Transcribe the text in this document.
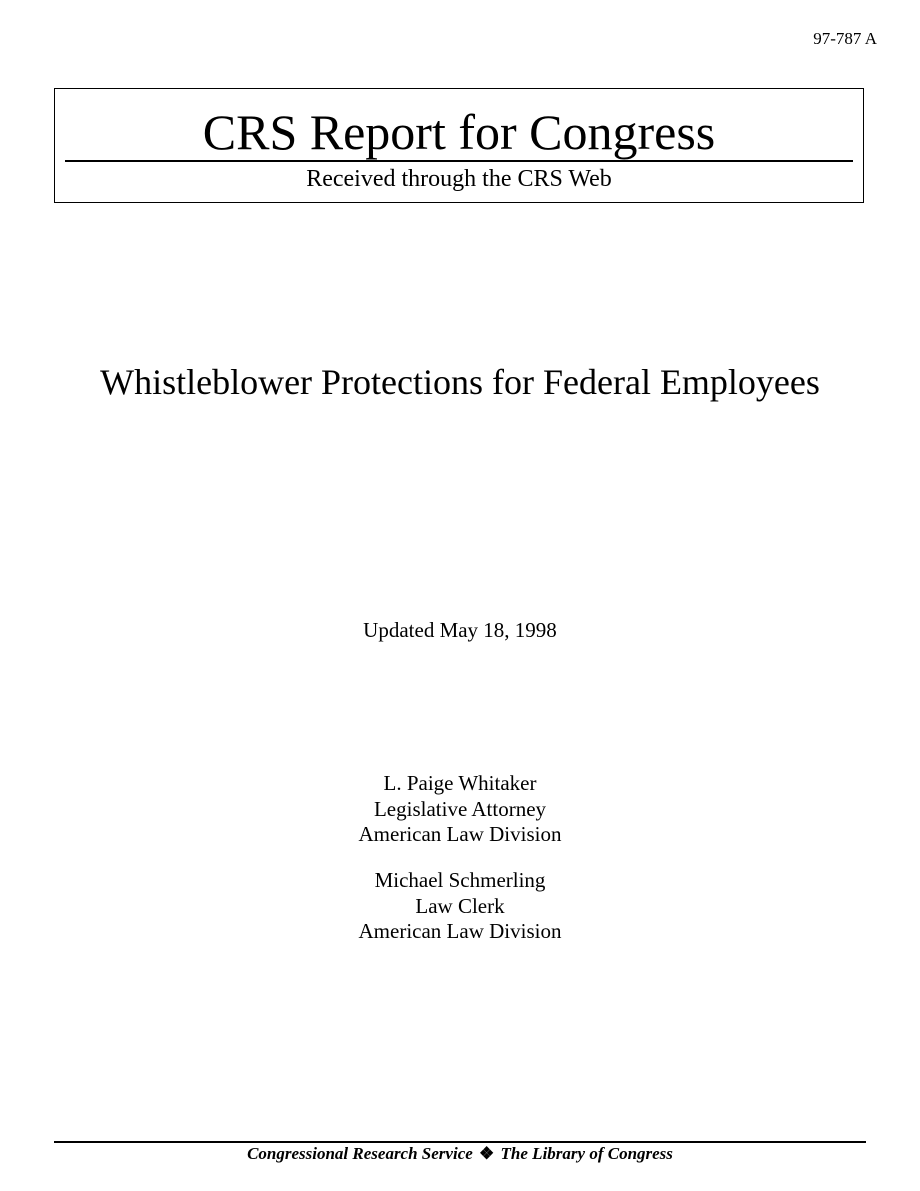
97-787 A
CRS Report for Congress
Received through the CRS Web
Whistleblower Protections for Federal Employees
Updated May 18, 1998
L. Paige Whitaker
Legislative Attorney
American Law Division
Michael Schmerling
Law Clerk
American Law Division
Congressional Research Service ❖ The Library of Congress
